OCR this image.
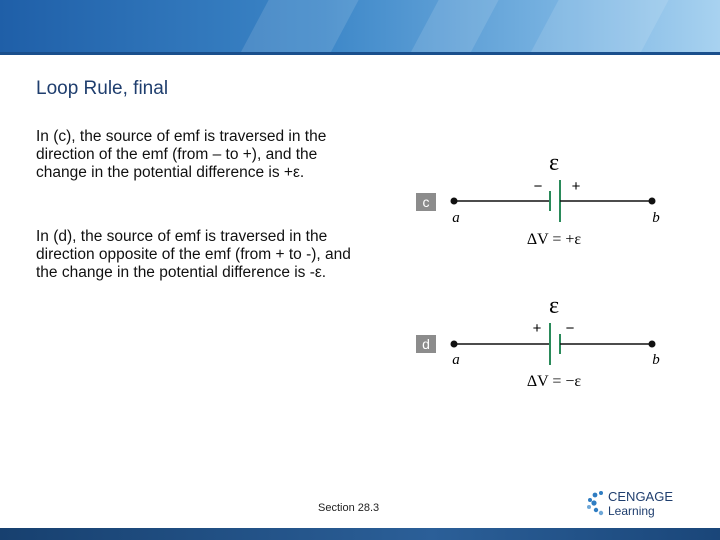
Loop Rule, final
In (c), the source of emf is traversed in the direction of the emf (from – to +), and the change in the potential difference is +ε.
In (d), the source of emf is traversed in the direction opposite of the emf (from + to -), and the change in the potential difference is -ε.
c
ε
− +
a	b
ΔV = +ε
d
ε
+ −
a	b
ΔV = −ε
Section 28.3
CENGAGE
Learning
